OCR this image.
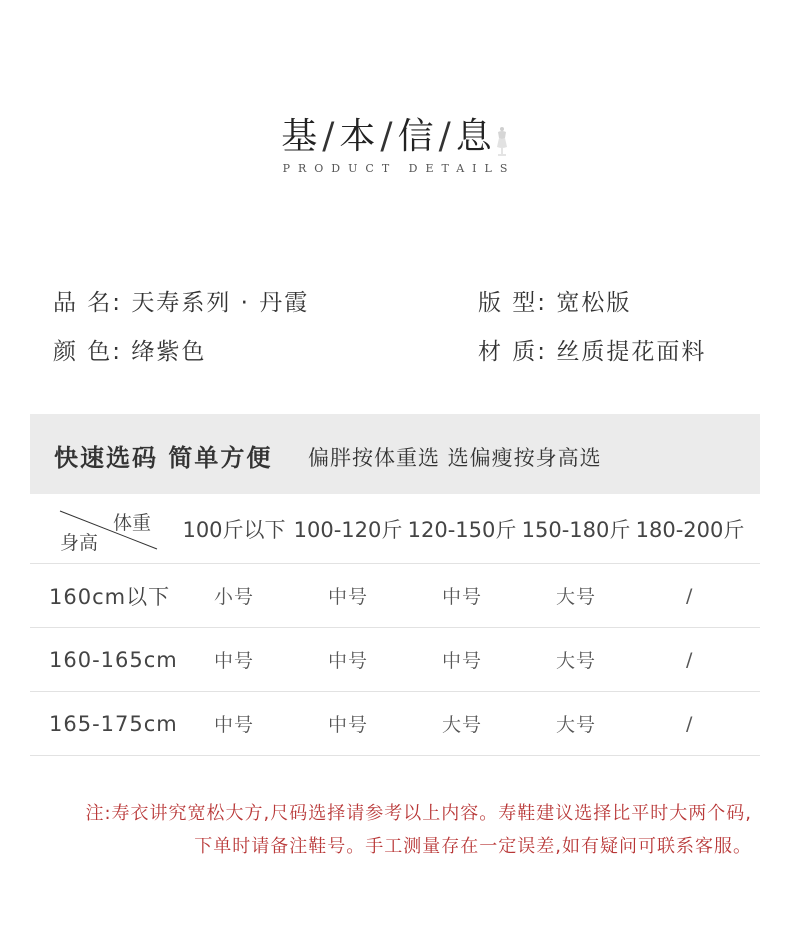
基 / 本 / 信 / 息
PRODUCT DETAILS
品 名: 天寿系列 · 丹霞	版 型: 宽松版
颜 色: 绛紫色	材 质: 丝质提花面料
快速选码 简单方便 偏胖按体重选 选偏瘦按身高选
体重
身高
100斤以下 100-120斤 120-150斤 150-180斤 180-200斤
160cm以下 小号	中号	中号	大号	/
160-165cm 中号	中号	中号	大号	/
165-175cm 中号	中号	大号	大号	/
注:寿衣讲究宽松大方,尺码选择请参考以上内容。寿鞋建议选择比平时大两个码,
下单时请备注鞋号。手工测量存在一定误差,如有疑问可联系客服。
